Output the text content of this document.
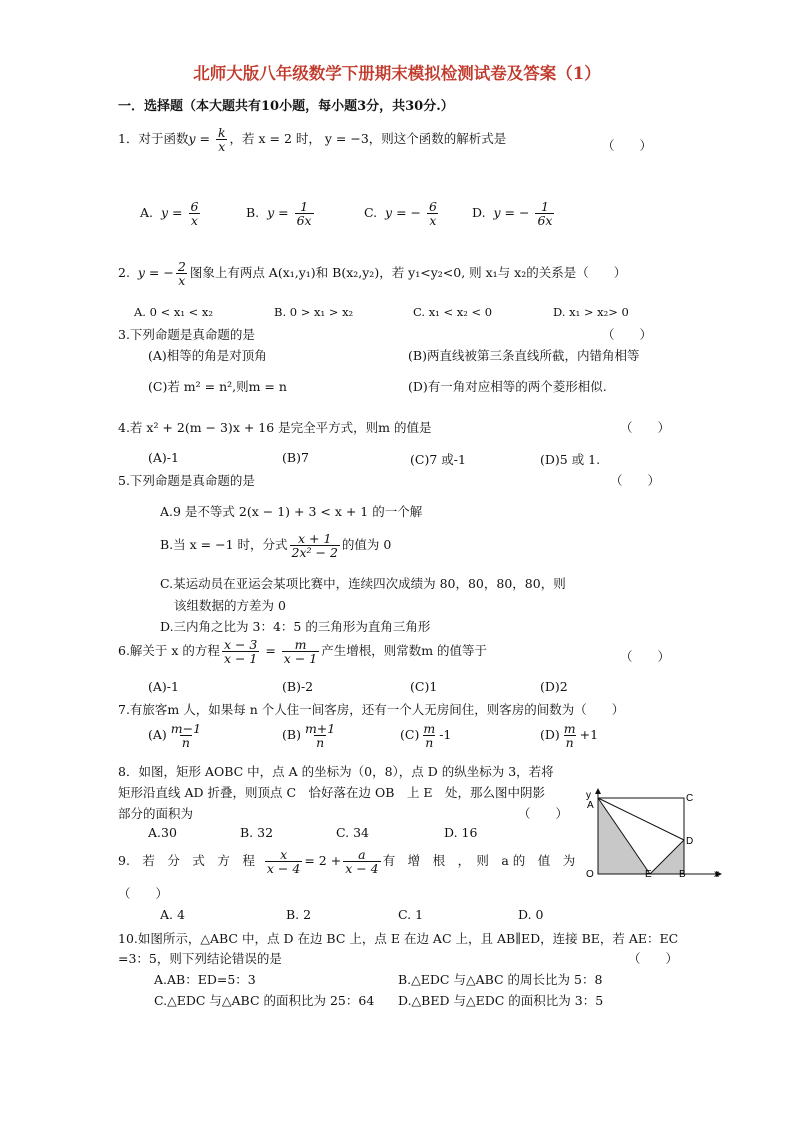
北师大版八年级数学下册期末模拟检测试卷及答案（1）
一．选择题（本大题共有10小题，每小题3分，共30分.）
1．对于函数$y = \frac{k}{x}$ ，若 x = 2 时， y = −3，则这个函数的解析式是	（　　）
A. $y = \frac{6}{x}$	B. $y = \frac{1}{6x}$	C. y = − $\frac{6}{x}$	D. y = − $\frac{1}{6x}$
2. y = − $\frac{2}{x}$ 图象上有两点 A(x₁,y₁)和 B(x₂,y₂)，若 y₁<y₂<0, 则 x₁与 x₂的关系是（　　）
A. 0 < x₁ < x₂	B. 0 > x₁ > x₂	C. x₁ < x₂ < 0	D. x₁ > x₂> 0
3.下列命题是真命题的是	（　　）
(A)相等的角是对顶角	(B)两直线被第三条直线所截，内错角相等
(C)若 m² = n²,则m = n	(D)有一角对应相等的两个菱形相似.
4.若 x² + 2(m − 3)x + 16 是完全平方式，则m 的值是	（　　）
(A)-1	(B)7	(C)7 或-1	(D)5 或 1.
5.下列命题是真命题的是	（　　）
A.9 是不等式 2(x − 1) + 3 < x + 1 的一个解
B.当 x = −1 时，分式 $\frac{x + 1}{\text{2x² − 2}}$ 的值为 0
C.某运动员在亚运会某项比赛中，连续四次成绩为 80，80，80，80，则
该组数据的方差为 0
D.三内角之比为 3：4：5 的三角形为直角三角形
6.解关于 x 的方程 $\frac{x - 3}{x - 1} = \frac{m}{x - 1}$ 产生增根，则常数m 的值等于	（　　）
(A)-1	(B)-2	(C)1	(D)2
7.有旅客m 人，如果每 n 个人住一间客房，还有一个人无房间住，则客房的间数为（　　）
$(A) \frac{m-1}{n}$	$(B) \frac{m+1}{n}$	$(C) \frac{m}{n} -1$	$(D) \frac{m}{n} +1$
8．如图，矩形 AOBC 中，点 A 的坐标为（0，8），点 D 的纵坐标为 3，若将
矩形沿直线 AD 折叠，则顶点 C　恰好落在边 OB　上 E　处，那么图中阴影
部分的面积为	（　　）
A.30	B. 32	C. 34	D. 16
y
A
C
D
O	E	B	x
9.　若　分　式　方　程 $\frac{x}{x - 4} = 2 + \frac{a}{x - 4}$ 有　增　根　，　则　a 的　值　为
（　　）
A. 4	B. 2	C. 1	D. 0
10.如图所示，△ABC 中，点 D 在边 BC 上，点 E 在边 AC 上，且 AB∥ED，连接 BE，若 AE：EC
=3：5，则下列结论错误的是	（　　）
A.AB：ED=5：3	B.△EDC 与△ABC 的周长比为 5：8
C.△EDC 与△ABC 的面积比为 25：64 D.△BED 与△EDC 的面积比为 3：5
